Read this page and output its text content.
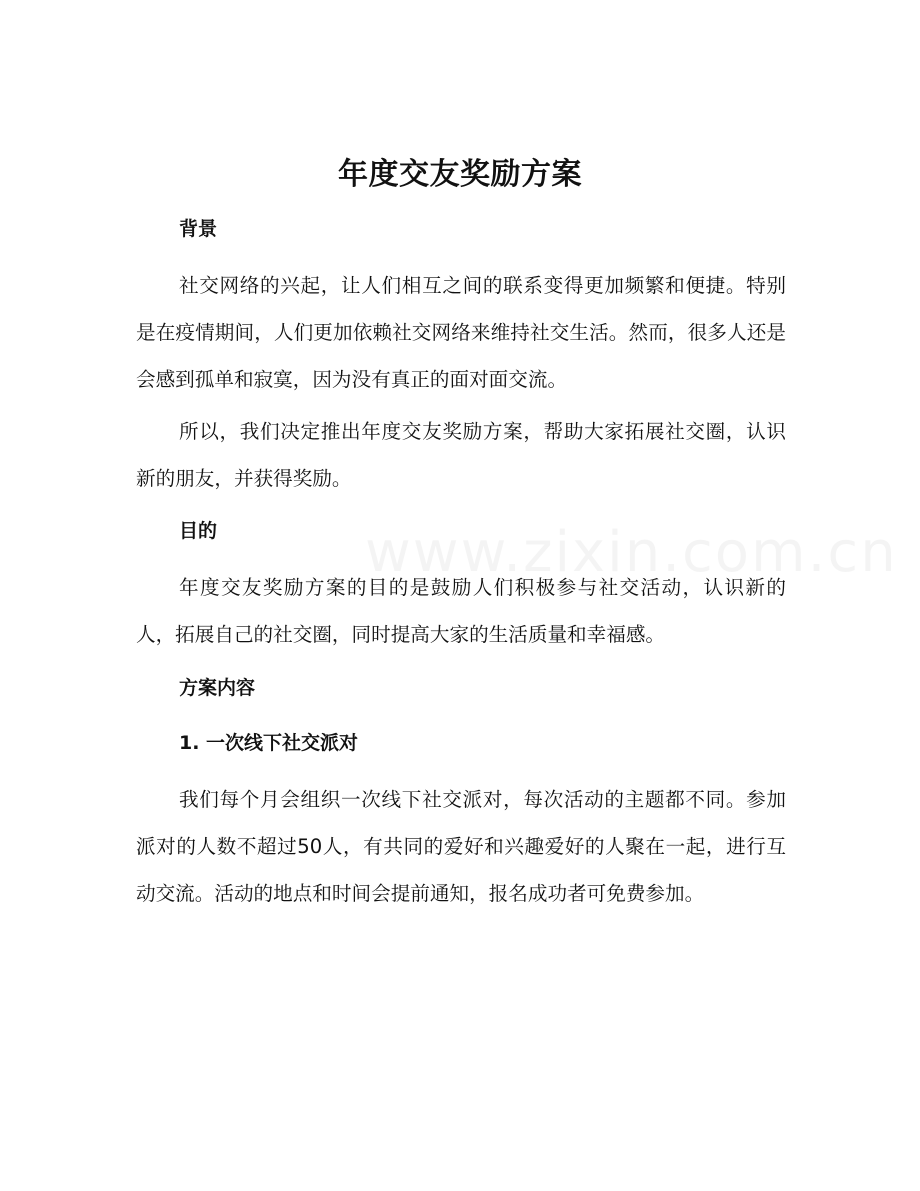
年度交友奖励方案
背景

社交网络的兴起，让人们相互之间的联系变得更加频繁和便捷。特别是在疫情期间，人们更加依赖社交网络来维持社交生活。然而，很多人还是会感到孤单和寂寞，因为没有真正的面对面交流。

所以，我们决定推出年度交友奖励方案，帮助大家拓展社交圈，认识新的朋友，并获得奖励。

目的

年度交友奖励方案的目的是鼓励人们积极参与社交活动，认识新的人，拓展自己的社交圈，同时提高大家的生活质量和幸福感。

方案内容
1. 一次线下社交派对

我们每个月会组织一次线下社交派对，每次活动的主题都不同。参加派对的人数不超过50人，有共同的爱好和兴趣爱好的人聚在一起，进行互动交流。活动的地点和时间会提前通知，报名成功者可免费参加。
